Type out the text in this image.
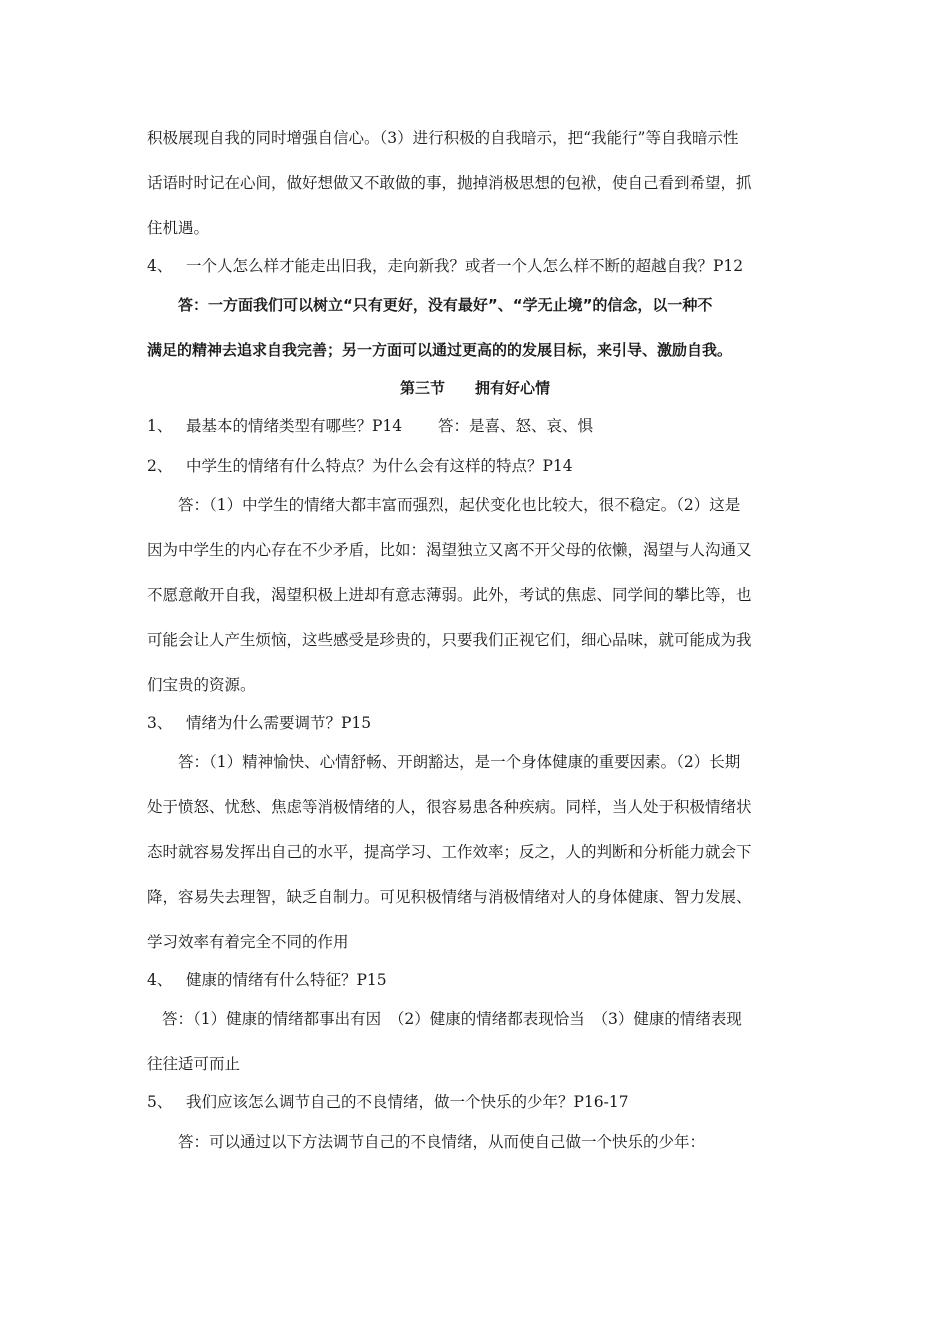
积极展现自我的同时增强自信心。（3）进行积极的自我暗示，把“我能行”等自我暗示性
话语时时记在心间，做好想做又不敢做的事，抛掉消极思想的包袱，使自己看到希望，抓
住机遇。
4、 一个人怎么样才能走出旧我，走向新我？或者一个人怎么样不断的超越自我？P12
答：一方面我们可以树立“只有更好，没有最好”、“学无止境”的信念，以一种不
满足的精神去追求自我完善；另一方面可以通过更高的的发展目标，来引导、激励自我。
第三节　　拥有好心情
1、 最基本的情绪类型有哪些？P14 答：是喜、怒、哀、惧
2、 中学生的情绪有什么特点？为什么会有这样的特点？P14
答：（1）中学生的情绪大都丰富而强烈，起伏变化也比较大，很不稳定。（2）这是
因为中学生的内心存在不少矛盾，比如：渴望独立又离不开父母的依懒，渴望与人沟通又
不愿意敞开自我，渴望积极上进却有意志薄弱。此外，考试的焦虑、同学间的攀比等，也
可能会让人产生烦恼，这些感受是珍贵的，只要我们正视它们，细心品味，就可能成为我
们宝贵的资源。
3、 情绪为什么需要调节？P15
答：（1）精神愉快、心情舒畅、开朗豁达，是一个身体健康的重要因素。（2）长期
处于愤怒、忧愁、焦虑等消极情绪的人，很容易患各种疾病。同样，当人处于积极情绪状
态时就容易发挥出自己的水平，提高学习、工作效率；反之，人的判断和分析能力就会下
降，容易失去理智，缺乏自制力。可见积极情绪与消极情绪对人的身体健康、智力发展、
学习效率有着完全不同的作用
4、 健康的情绪有什么特征？P15
答：（1）健康的情绪都事出有因　（2）健康的情绪都表现恰当　（3）健康的情绪表现
往往适可而止
5、 我们应该怎么调节自己的不良情绪，做一个快乐的少年？P16-17
答：可以通过以下方法调节自己的不良情绪，从而使自己做一个快乐的少年：
